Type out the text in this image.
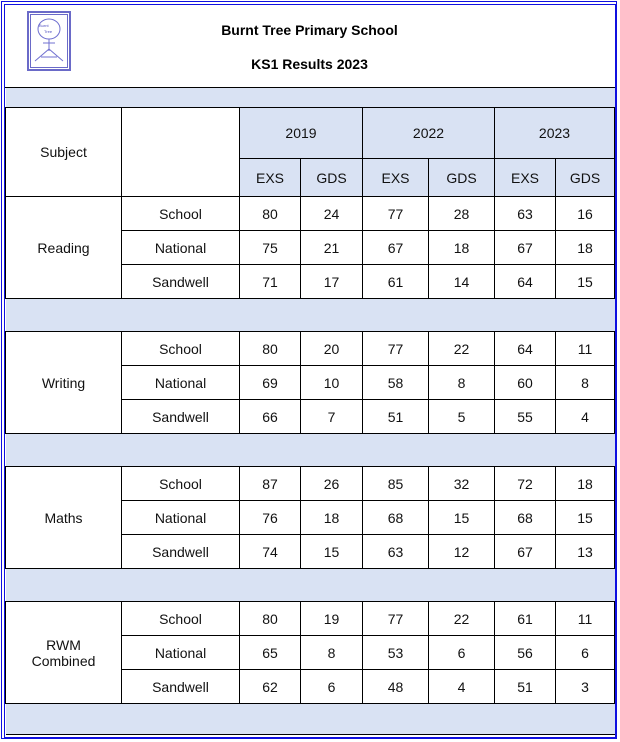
Burnt
Tree	Burnt Tree Primary School
KS1 Results 2023

Subject		2019		2022		2023	
		EXS	GDS	EXS	GDS	EXS	GDS
Reading	School	80	24	77	28	63	16
	National	75	21	67	18	67	18
	Sandwell	71	17	61	14	64	15

Writing	School	80	20	77	22	64	11
	National	69	10	58	8	60	8
	Sandwell	66	7	51	5	55	4

Maths	School	87	26	85	32	72	18
	National	76	18	68	15	68	15
	Sandwell	74	15	63	12	67	13

RWM Combined	School	80	19	77	22	61	11
	National	65	8	53	6	56	6
	Sandwell	62	6	48	4	51	3
